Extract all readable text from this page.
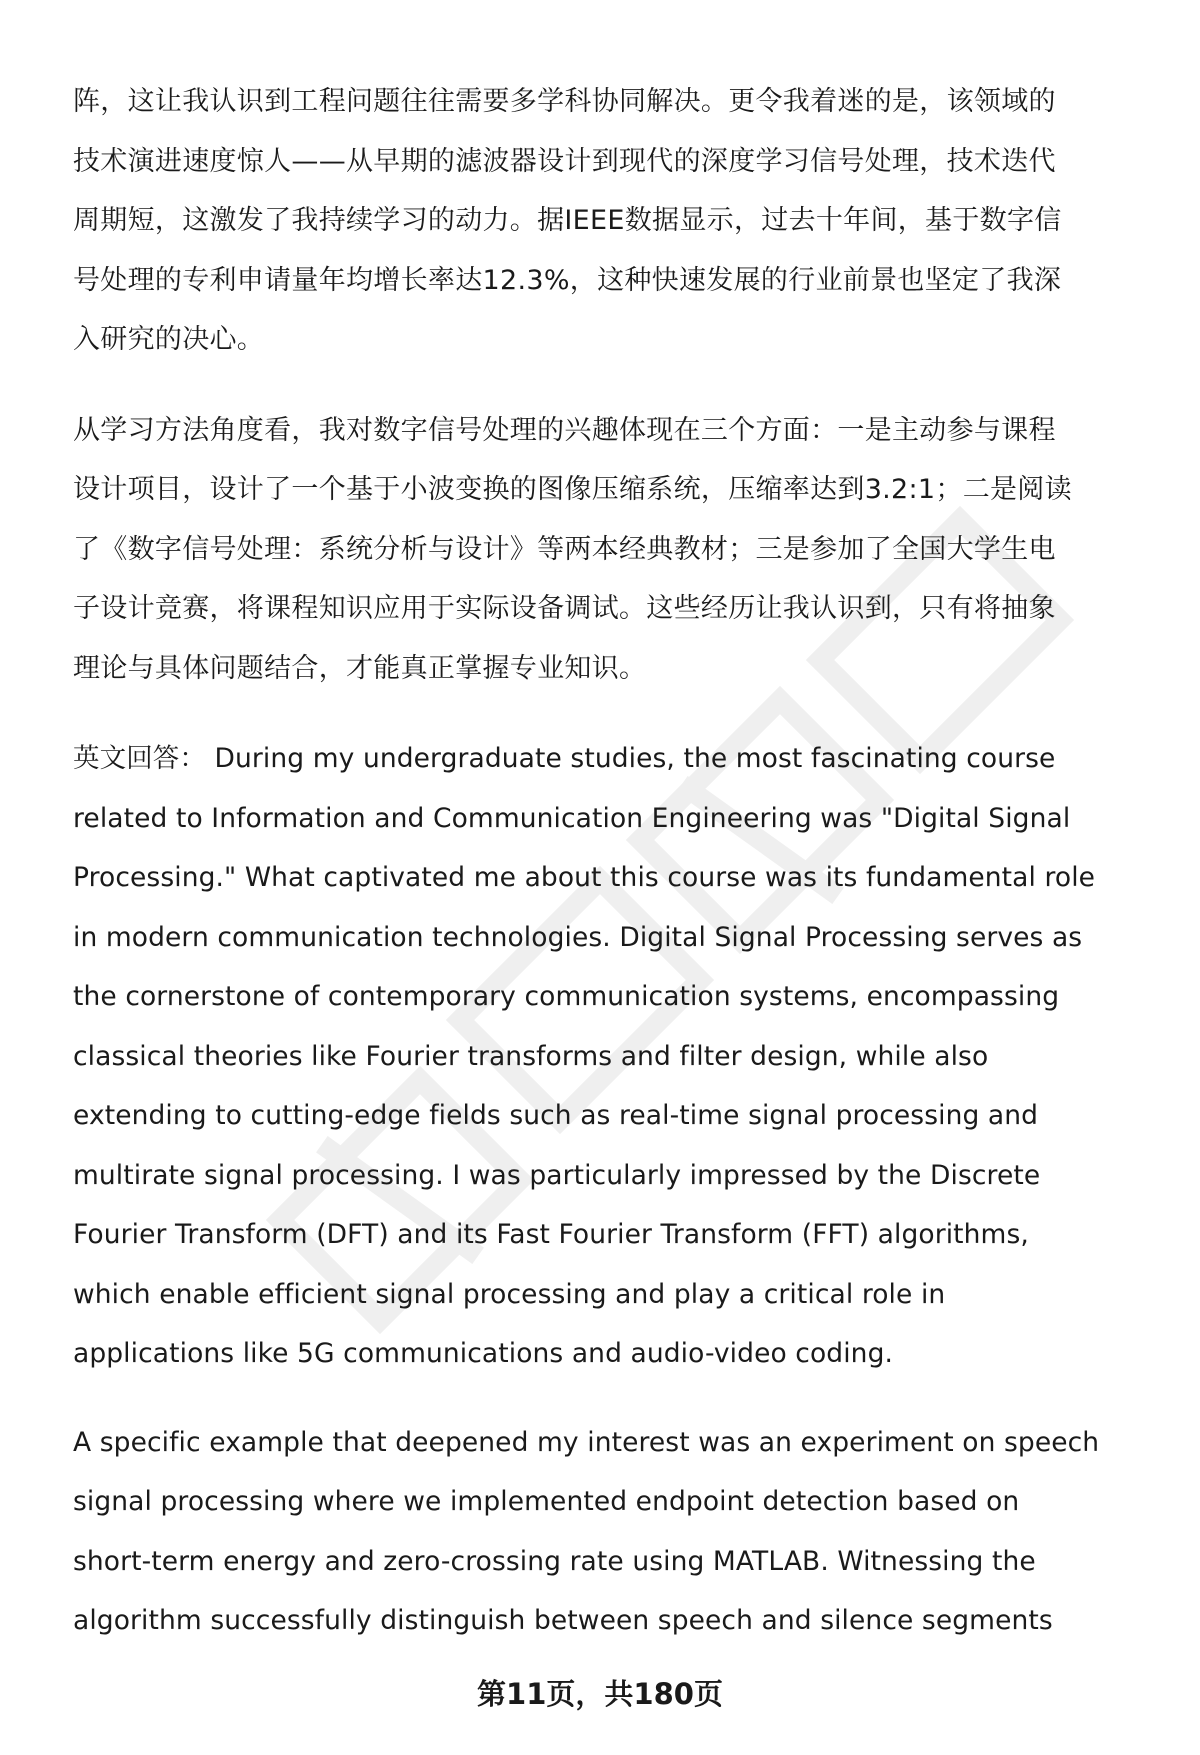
阵，这让我认识到工程问题往往需要多学科协同解决。更令我着迷的是，该领域的
技术演进速度惊人——从早期的滤波器设计到现代的深度学习信号处理，技术迭代
周期短，这激发了我持续学习的动力。据IEEE数据显示，过去十年间，基于数字信
号处理的专利申请量年均增长率达12.3%，这种快速发展的行业前景也坚定了我深
入研究的决心。

从学习方法角度看，我对数字信号处理的兴趣体现在三个方面：一是主动参与课程
设计项目，设计了一个基于小波变换的图像压缩系统，压缩率达到3.2:1；二是阅读
了《数字信号处理：系统分析与设计》等两本经典教材；三是参加了全国大学生电
子设计竞赛，将课程知识应用于实际设备调试。这些经历让我认识到，只有将抽象
理论与具体问题结合，才能真正掌握专业知识。

英文回答： During my undergraduate studies, the most fascinating course
related to Information and Communication Engineering was "Digital Signal
Processing." What captivated me about this course was its fundamental role
in modern communication technologies. Digital Signal Processing serves as
the cornerstone of contemporary communication systems, encompassing
classical theories like Fourier transforms and filter design, while also
extending to cutting-edge fields such as real-time signal processing and
multirate signal processing. I was particularly impressed by the Discrete
Fourier Transform (DFT) and its Fast Fourier Transform (FFT) algorithms,
which enable efficient signal processing and play a critical role in
applications like 5G communications and audio-video coding.

A specific example that deepened my interest was an experiment on speech
signal processing where we implemented endpoint detection based on
short-term energy and zero-crossing rate using MATLAB. Witnessing the
algorithm successfully distinguish between speech and silence segments

第11页，共180页
